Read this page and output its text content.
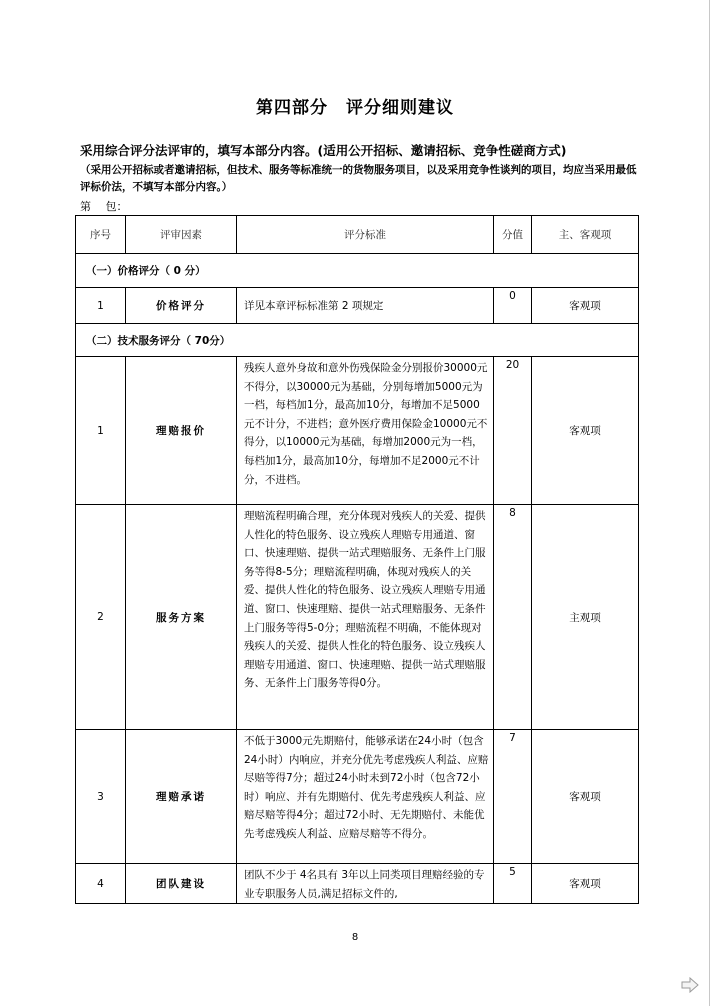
第四部分　评分细则建议
采用综合评分法评审的，填写本部分内容。(适用公开招标、邀请招标、竞争性磋商方式)
（采用公开招标或者邀请招标，但技术、服务等标准统一的货物服务项目，以及采用竞争性谈判的项目，均应当采用最低评标价法，不填写本部分内容。）
第　 包：
序号	评审因素	评分标准	分值	主、客观项
（一）价格评分（ 0 分）				
1	价格评分	详见本章评标标准第 2 项规定	0	客观项
（二）技术服务评分（ 70分）				
1	理赔报价	残疾人意外身故和意外伤残保险金分别报价30000元不得分，以30000元为基础，分别每增加5000元为一档，每档加1分，最高加10分，每增加不足5000元不计分，不进档；意外医疗费用保险金10000元不得分，以10000元为基础，每增加2000元为一档，每档加1分，最高加10分，每增加不足2000元不计分，不进档。	20	客观项
2	服务方案	理赔流程明确合理，充分体现对残疾人的关爱、提供人性化的特色服务、设立残疾人理赔专用通道、窗口、快速理赔、提供一站式理赔服务、无条件上门服务等得8-5分；理赔流程明确，体现对残疾人的关爱、提供人性化的特色服务、设立残疾人理赔专用通道、窗口、快速理赔、提供一站式理赔服务、无条件上门服务等得5-0分；理赔流程不明确，不能体现对残疾人的关爱、提供人性化的特色服务、设立残疾人理赔专用通道、窗口、快速理赔、提供一站式理赔服务、无条件上门服务等得0分。	8	主观项
3	理赔承诺	不低于3000元先期赔付，能够承诺在24小时（包含24小时）内响应，并充分优先考虑残疾人利益、应赔尽赔等得7分；超过24小时未到72小时（包含72小时）响应、并有先期赔付、优先考虑残疾人利益、应赔尽赔等得4分；超过72小时、无先期赔付、未能优先考虑残疾人利益、应赔尽赔等不得分。	7	客观项
4	团队建设	团队不少于 4名具有 3年以上同类项目理赔经验的专业专职服务人员,满足招标文件的,	5	客观项
8
